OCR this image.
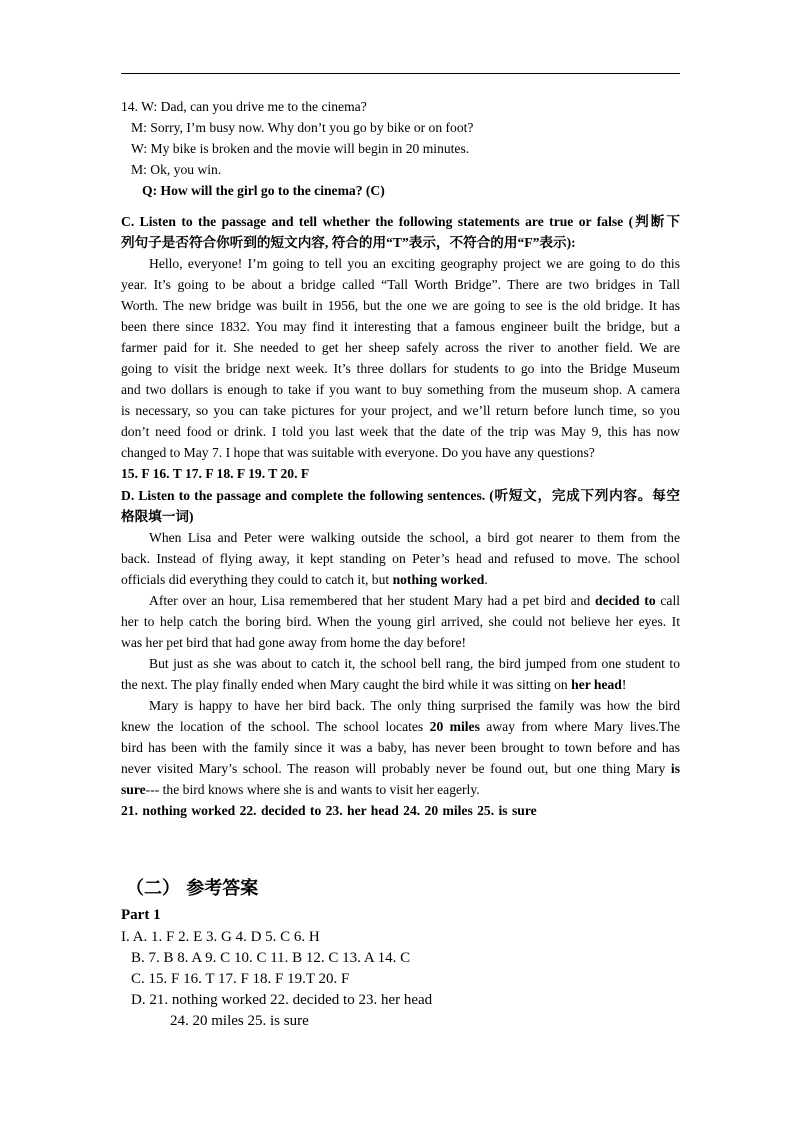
14. W: Dad, can you drive me to the cinema?
M: Sorry, I’m busy now. Why don’t you go by bike or on foot?
W: My bike is broken and the movie will begin in 20 minutes.
M: Ok, you win.
Q: How will the girl go to the cinema? (C)
C. Listen to the passage and tell whether the following statements are true or false (判断下
列句子是否符合你听到的短文内容, 符合的用“T”表示，不符合的用“F”表示):
Hello, everyone! I’m going to tell you an exciting geography project we are going to do this
year. It’s going to be about a bridge called “Tall Worth Bridge”. There are two bridges in Tall
Worth. The new bridge was built in 1956, but the one we are going to see is the old bridge. It has
been there since 1832. You may find it interesting that a famous engineer built the bridge, but a
farmer paid for it. She needed to get her sheep safely across the river to another field. We are
going to visit the bridge next week. It’s three dollars for students to go into the Bridge Museum
and two dollars is enough to take if you want to buy something from the museum shop. A camera
is necessary, so you can take pictures for your project, and we’ll return before lunch time, so you
don’t need food or drink. I told you last week that the date of the trip was May 9, this has now
changed to May 7. I hope that was suitable with everyone. Do you have any questions?
15. F 16. T 17. F 18. F 19. T 20. F
D. Listen to the passage and complete the following sentences. (听短文，完成下列内容。每空
格限填一词)
When Lisa and Peter were walking outside the school, a bird got nearer to them from the
back. Instead of flying away, it kept standing on Peter’s head and refused to move. The school
officials did everything they could to catch it, but nothing worked.
After over an hour, Lisa remembered that her student Mary had a pet bird and decided to call
her to help catch the boring bird. When the young girl arrived, she could not believe her eyes. It
was her pet bird that had gone away from home the day before!
But just as she was about to catch it, the school bell rang, the bird jumped from one student to
the next. The play finally ended when Mary caught the bird while it was sitting on her head!
Mary is happy to have her bird back. The only thing surprised the family was how the bird
knew the location of the school. The school locates 20 miles away from where Mary lives.The
bird has been with the family since it was a baby, has never been brought to town before and has
never visited Mary’s school. The reason will probably never be found out, but one thing Mary is
sure--- the bird knows where she is and wants to visit her eagerly.
21. nothing worked 22. decided to 23. her head 24. 20 miles 25. is sure
（二） 参考答案
Part 1
I. A. 1. F 2. E 3. G 4. D 5. C 6. H
B. 7. B 8. A 9. C 10. C 11. B 12. C 13. A 14. C
C. 15. F 16. T 17. F 18. F 19.T 20. F
D. 21. nothing worked 22. decided to 23. her head
24. 20 miles 25. is sure
